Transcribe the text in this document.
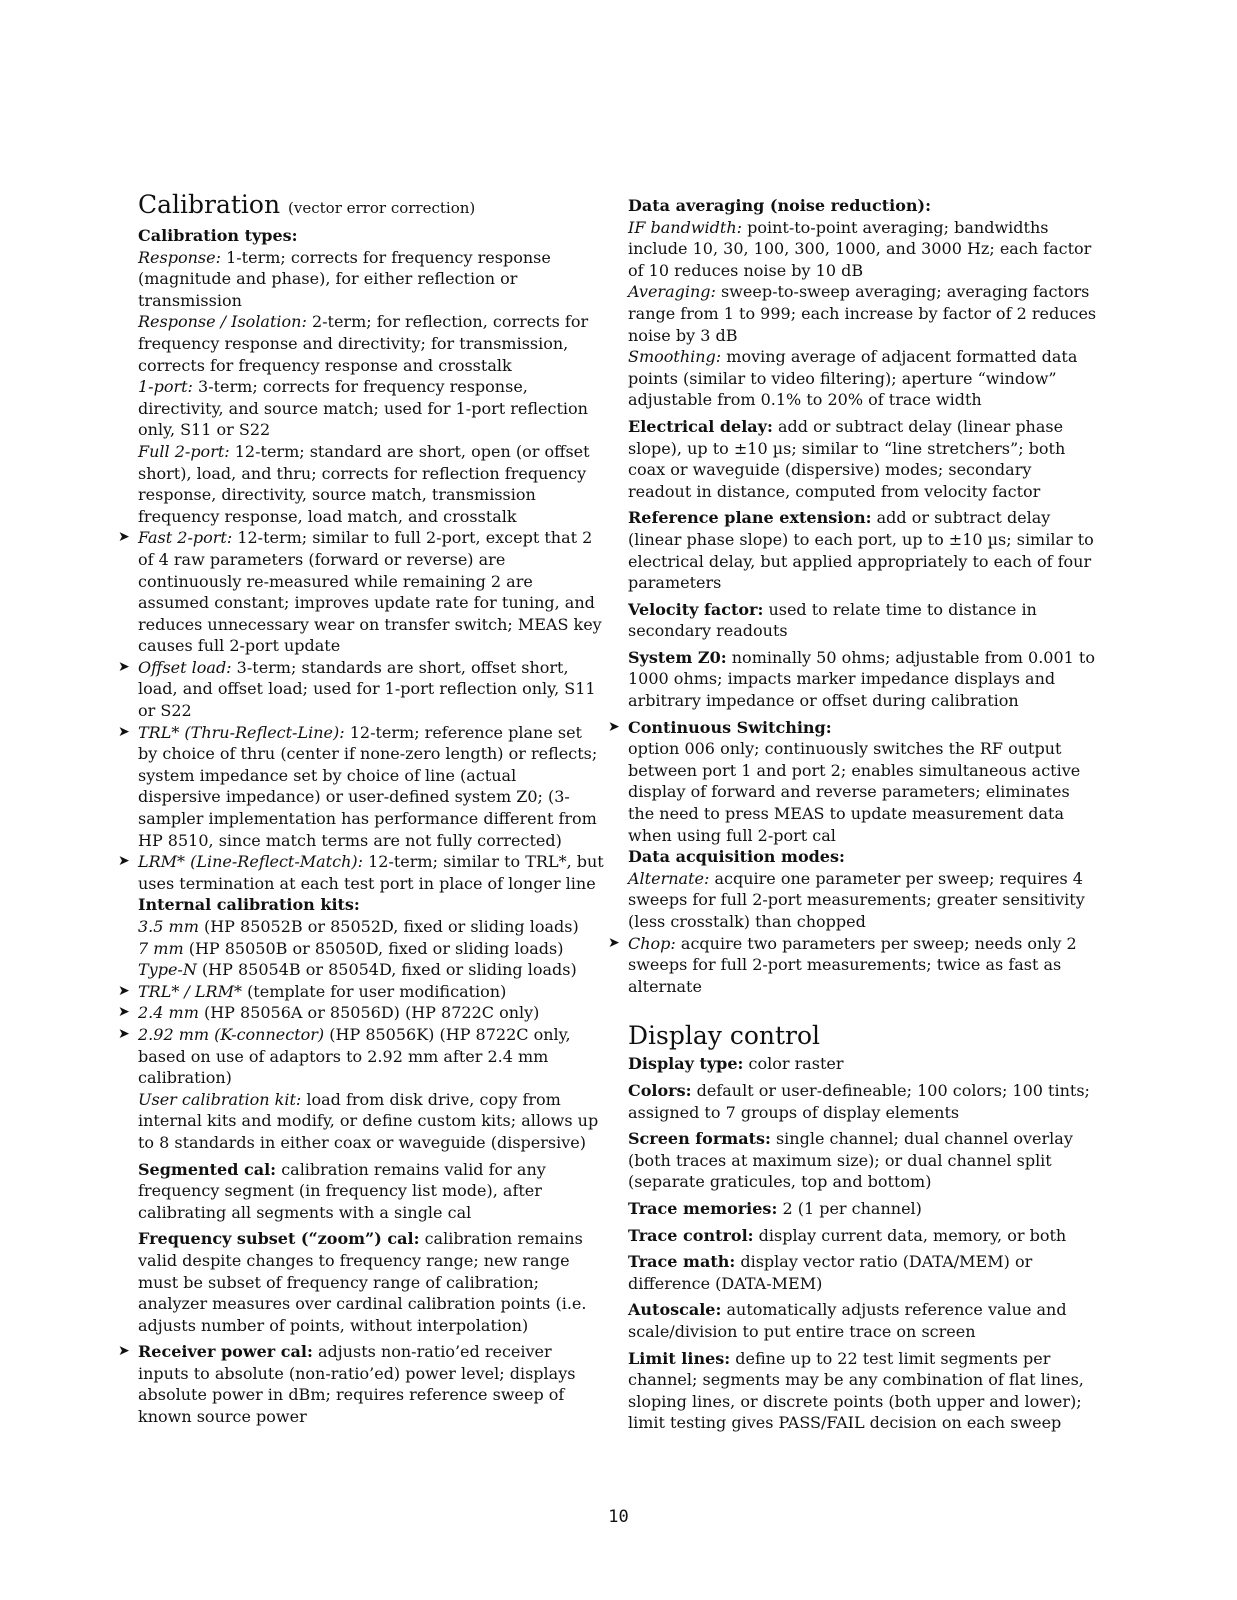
Calibration (vector error correction)

Calibration types:

Response: 1-term; corrects for frequency response (magnitude and phase), for either reflection or transmission

Response / Isolation: 2-term; for reflection, corrects for frequency response and directivity; for transmission, corrects for frequency response and crosstalk

1-port: 3-term; corrects for frequency response, directivity, and source match; used for 1-port reflection only, S11 or S22

Full 2-port: 12-term; standard are short, open (or offset short), load, and thru; corrects for reflection frequency response, directivity, source match, transmission frequency response, load match, and crosstalk

➤ Fast 2-port: 12-term; similar to full 2-port, except that 2 of 4 raw parameters (forward or reverse) are continuously re-measured while remaining 2 are assumed constant; improves update rate for tuning, and reduces unnecessary wear on transfer switch; MEAS key causes full 2-port update

➤ Offset load: 3-term; standards are short, offset short, load, and offset load; used for 1-port reflection only, S11 or S22

➤ TRL* (Thru-Reflect-Line): 12-term; reference plane set by choice of thru (center if none-zero length) or reflects; system impedance set by choice of line (actual dispersive impedance) or user-defined system Z0; (3-sampler implementation has performance different from HP 8510, since match terms are not fully corrected)

➤ LRM* (Line-Reflect-Match): 12-term; similar to TRL*, but uses termination at each test port in place of longer line

Internal calibration kits:

3.5 mm (HP 85052B or 85052D, fixed or sliding loads)

7 mm (HP 85050B or 85050D, fixed or sliding loads)

Type-N (HP 85054B or 85054D, fixed or sliding loads)

➤ TRL* / LRM* (template for user modification)

➤ 2.4 mm (HP 85056A or 85056D) (HP 8722C only)

➤ 2.92 mm (K-connector) (HP 85056K) (HP 8722C only, based on use of adaptors to 2.92 mm after 2.4 mm calibration)

User calibration kit: load from disk drive, copy from internal kits and modify, or define custom kits; allows up to 8 standards in either coax or waveguide (dispersive)

Segmented cal: calibration remains valid for any frequency segment (in frequency list mode), after calibrating all segments with a single cal

Frequency subset (“zoom”) cal: calibration remains valid despite changes to frequency range; new range must be subset of frequency range of calibration; analyzer measures over cardinal calibration points (i.e. adjusts number of points, without interpolation)

➤ Receiver power cal: adjusts non-ratio’ed receiver inputs to absolute (non-ratio’ed) power level; displays absolute power in dBm; requires reference sweep of known source power

Data averaging (noise reduction):

IF bandwidth: point-to-point averaging; bandwidths include 10, 30, 100, 300, 1000, and 3000 Hz; each factor of 10 reduces noise by 10 dB

Averaging: sweep-to-sweep averaging; averaging factors range from 1 to 999; each increase by factor of 2 reduces noise by 3 dB

Smoothing: moving average of adjacent formatted data points (similar to video filtering); aperture “window” adjustable from 0.1% to 20% of trace width

Electrical delay: add or subtract delay (linear phase slope), up to ±10 µs; similar to “line stretchers”; both coax or waveguide (dispersive) modes; secondary readout in distance, computed from velocity factor

Reference plane extension: add or subtract delay (linear phase slope) to each port, up to ±10 µs; similar to electrical delay, but applied appropriately to each of four parameters

Velocity factor: used to relate time to distance in secondary readouts

System Z0: nominally 50 ohms; adjustable from 0.001 to 1000 ohms; impacts marker impedance displays and arbitrary impedance or offset during calibration

➤ Continuous Switching:
option 006 only; continuously switches the RF output between port 1 and port 2; enables simultaneous active display of forward and reverse parameters; eliminates the need to press MEAS to update measurement data when using full 2-port cal

Data acquisition modes:

Alternate: acquire one parameter per sweep; requires 4 sweeps for full 2-port measurements; greater sensitivity (less crosstalk) than chopped

➤ Chop: acquire two parameters per sweep; needs only 2 sweeps for full 2-port measurements; twice as fast as alternate

Display control

Display type: color raster

Colors: default or user-defineable; 100 colors; 100 tints; assigned to 7 groups of display elements

Screen formats: single channel; dual channel overlay (both traces at maximum size); or dual channel split (separate graticules, top and bottom)

Trace memories: 2 (1 per channel)

Trace control: display current data, memory, or both

Trace math: display vector ratio (DATA/MEM) or difference (DATA-MEM)

Autoscale: automatically adjusts reference value and scale/division to put entire trace on screen

Limit lines: define up to 22 test limit segments per channel; segments may be any combination of flat lines, sloping lines, or discrete points (both upper and lower); limit testing gives PASS/FAIL decision on each sweep

10
